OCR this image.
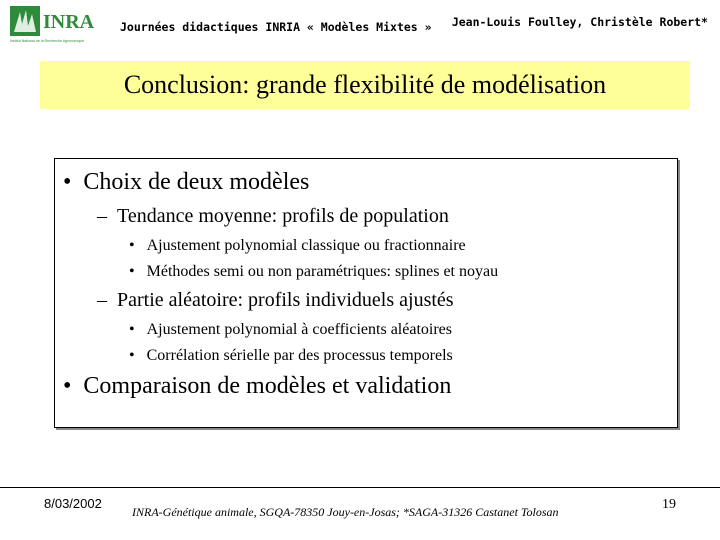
INRA
Institut National de la Recherche Agronomique
Journées didactiques INRIA « Modèles Mixtes » Jean-Louis Foulley, Christèle Robert*
Conclusion: grande flexibilité de modélisation
• Choix de deux modèles
– Tendance moyenne: profils de population
• Ajustement polynomial classique ou fractionnaire
• Méthodes semi ou non paramétriques: splines et noyau
– Partie aléatoire: profils individuels ajustés
• Ajustement polynomial à coefficients aléatoires
• Corrélation sérielle par des processus temporels
• Comparaison de modèles et validation
8/03/2002
INRA-Génétique animale, SGQA-78350 Jouy-en-Josas; *SAGA-31326 Castanet Tolosan	19
